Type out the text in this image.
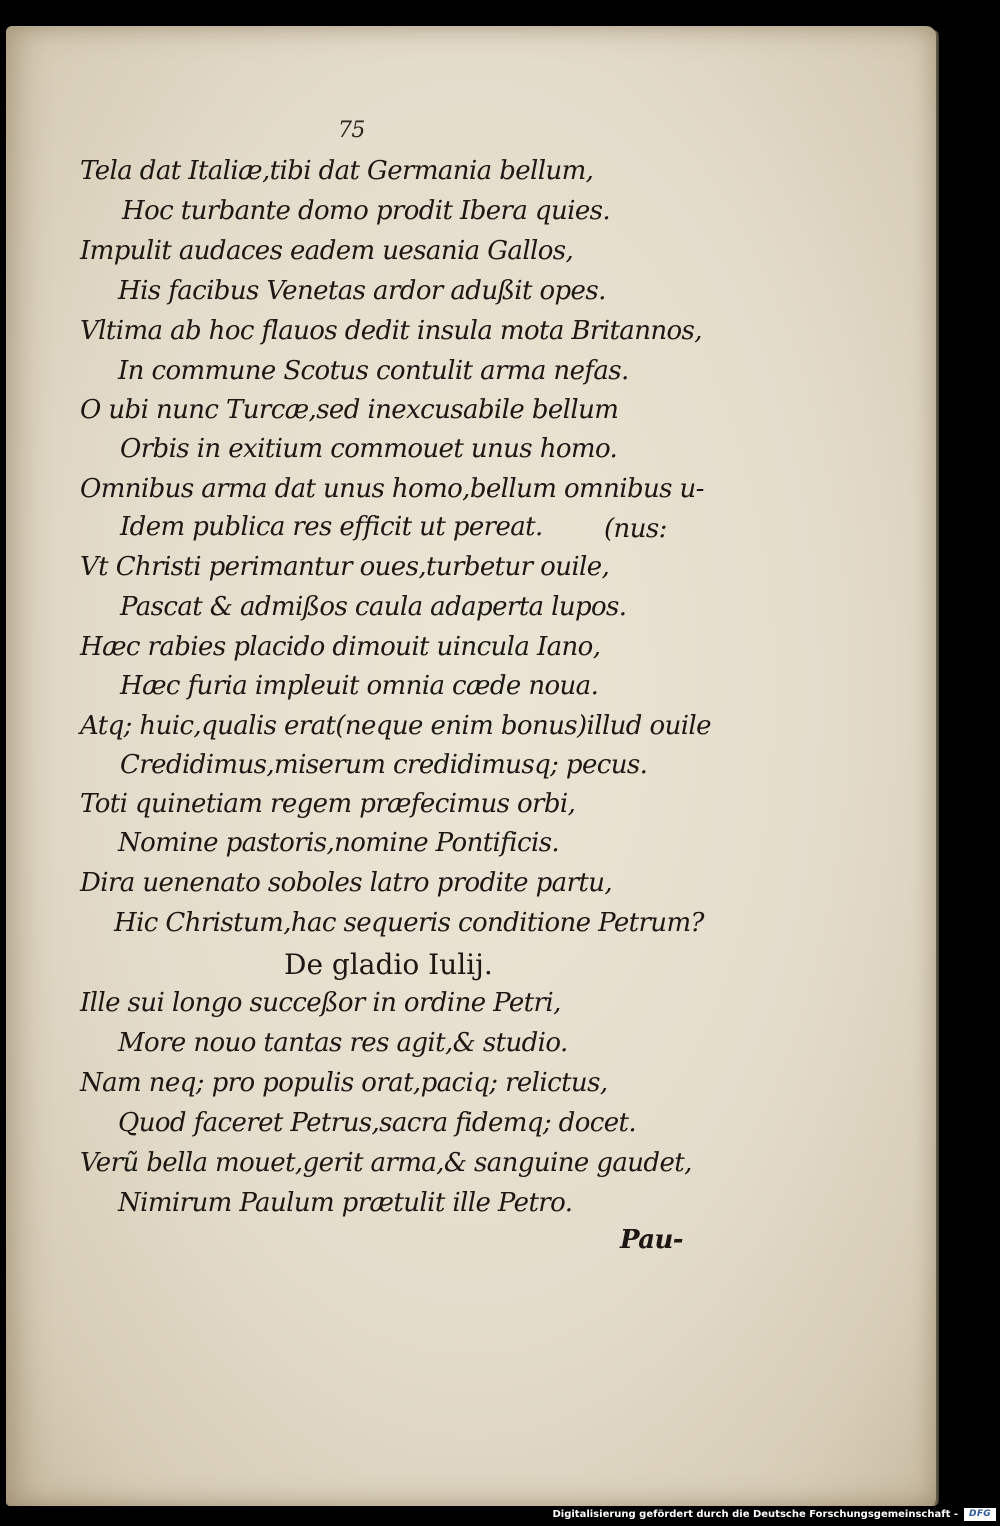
75
Tela dat Italiæ,tibi dat Germania bellum,
Hoc turbante domo prodit Ibera quies.
Impulit audaces eadem uesania Gallos,
His facibus Venetas ardor adußit opes.
Vltima ab hoc flauos dedit insula mota Britannos,
In commune Scotus contulit arma nefas.
O ubi nunc Turcæ,sed inexcusabile bellum
Orbis in exitium commouet unus homo.
Omnibus arma dat unus homo,bellum omnibus u-
Idem publica res efficit ut pereat. (nus:
Vt Christi perimantur oues,turbetur ouile,
Pascat & admißos caula adaperta lupos.
Hæc rabies placido dimouit uincula Iano,
Hæc furia impleuit omnia cæde noua.
Atq; huic,qualis erat(neque enim bonus)illud ouile
Credidimus,miserum credidimusq; pecus.
Toti quinetiam regem præfecimus orbi,
Nomine pastoris,nomine Pontificis.
Dira uenenato soboles latro prodite partu,
Hic Christum,hac sequeris conditione Petrum?
De gladio Iulij.
Ille sui longo succeßor in ordine Petri,
More nouo tantas res agit,& studio.
Nam neq; pro populis orat,paciq; relictus,
Quod faceret Petrus,sacra fidemq; docet.
Verũ bella mouet,gerit arma,& sanguine gaudet,
Nimirum Paulum prætulit ille Petro.
Pau-
Digitalisierung gefördert durch die Deutsche Forschungsgemeinschaft -	DFG
